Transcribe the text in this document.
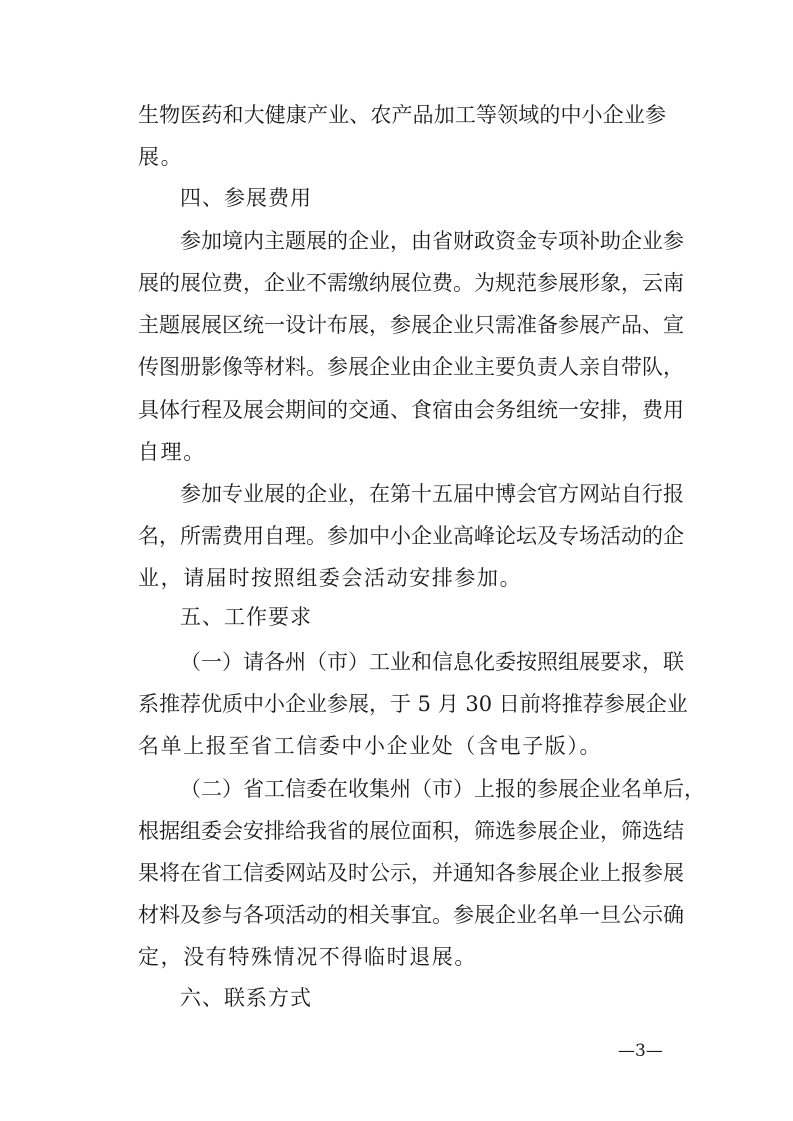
生物医药和大健康产业、农产品加工等领域的中小企业参
展。
四、参展费用
参加境内主题展的企业，由省财政资金专项补助企业参
展的展位费，企业不需缴纳展位费。为规范参展形象，云南
主题展展区统一设计布展，参展企业只需准备参展产品、宣
传图册影像等材料。参展企业由企业主要负责人亲自带队，
具体行程及展会期间的交通、食宿由会务组统一安排，费用
自理。
参加专业展的企业，在第十五届中博会官方网站自行报
名，所需费用自理。参加中小企业高峰论坛及专场活动的企
业，请届时按照组委会活动安排参加。
五、工作要求
（一）请各州（市）工业和信息化委按照组展要求，联
系推荐优质中小企业参展，于 5 月 30 日前将推荐参展企业
名单上报至省工信委中小企业处（含电子版）。
（二）省工信委在收集州（市）上报的参展企业名单后，
根据组委会安排给我省的展位面积，筛选参展企业，筛选结
果将在省工信委网站及时公示，并通知各参展企业上报参展
材料及参与各项活动的相关事宜。参展企业名单一旦公示确
定，没有特殊情况不得临时退展。
六、联系方式
—3—
